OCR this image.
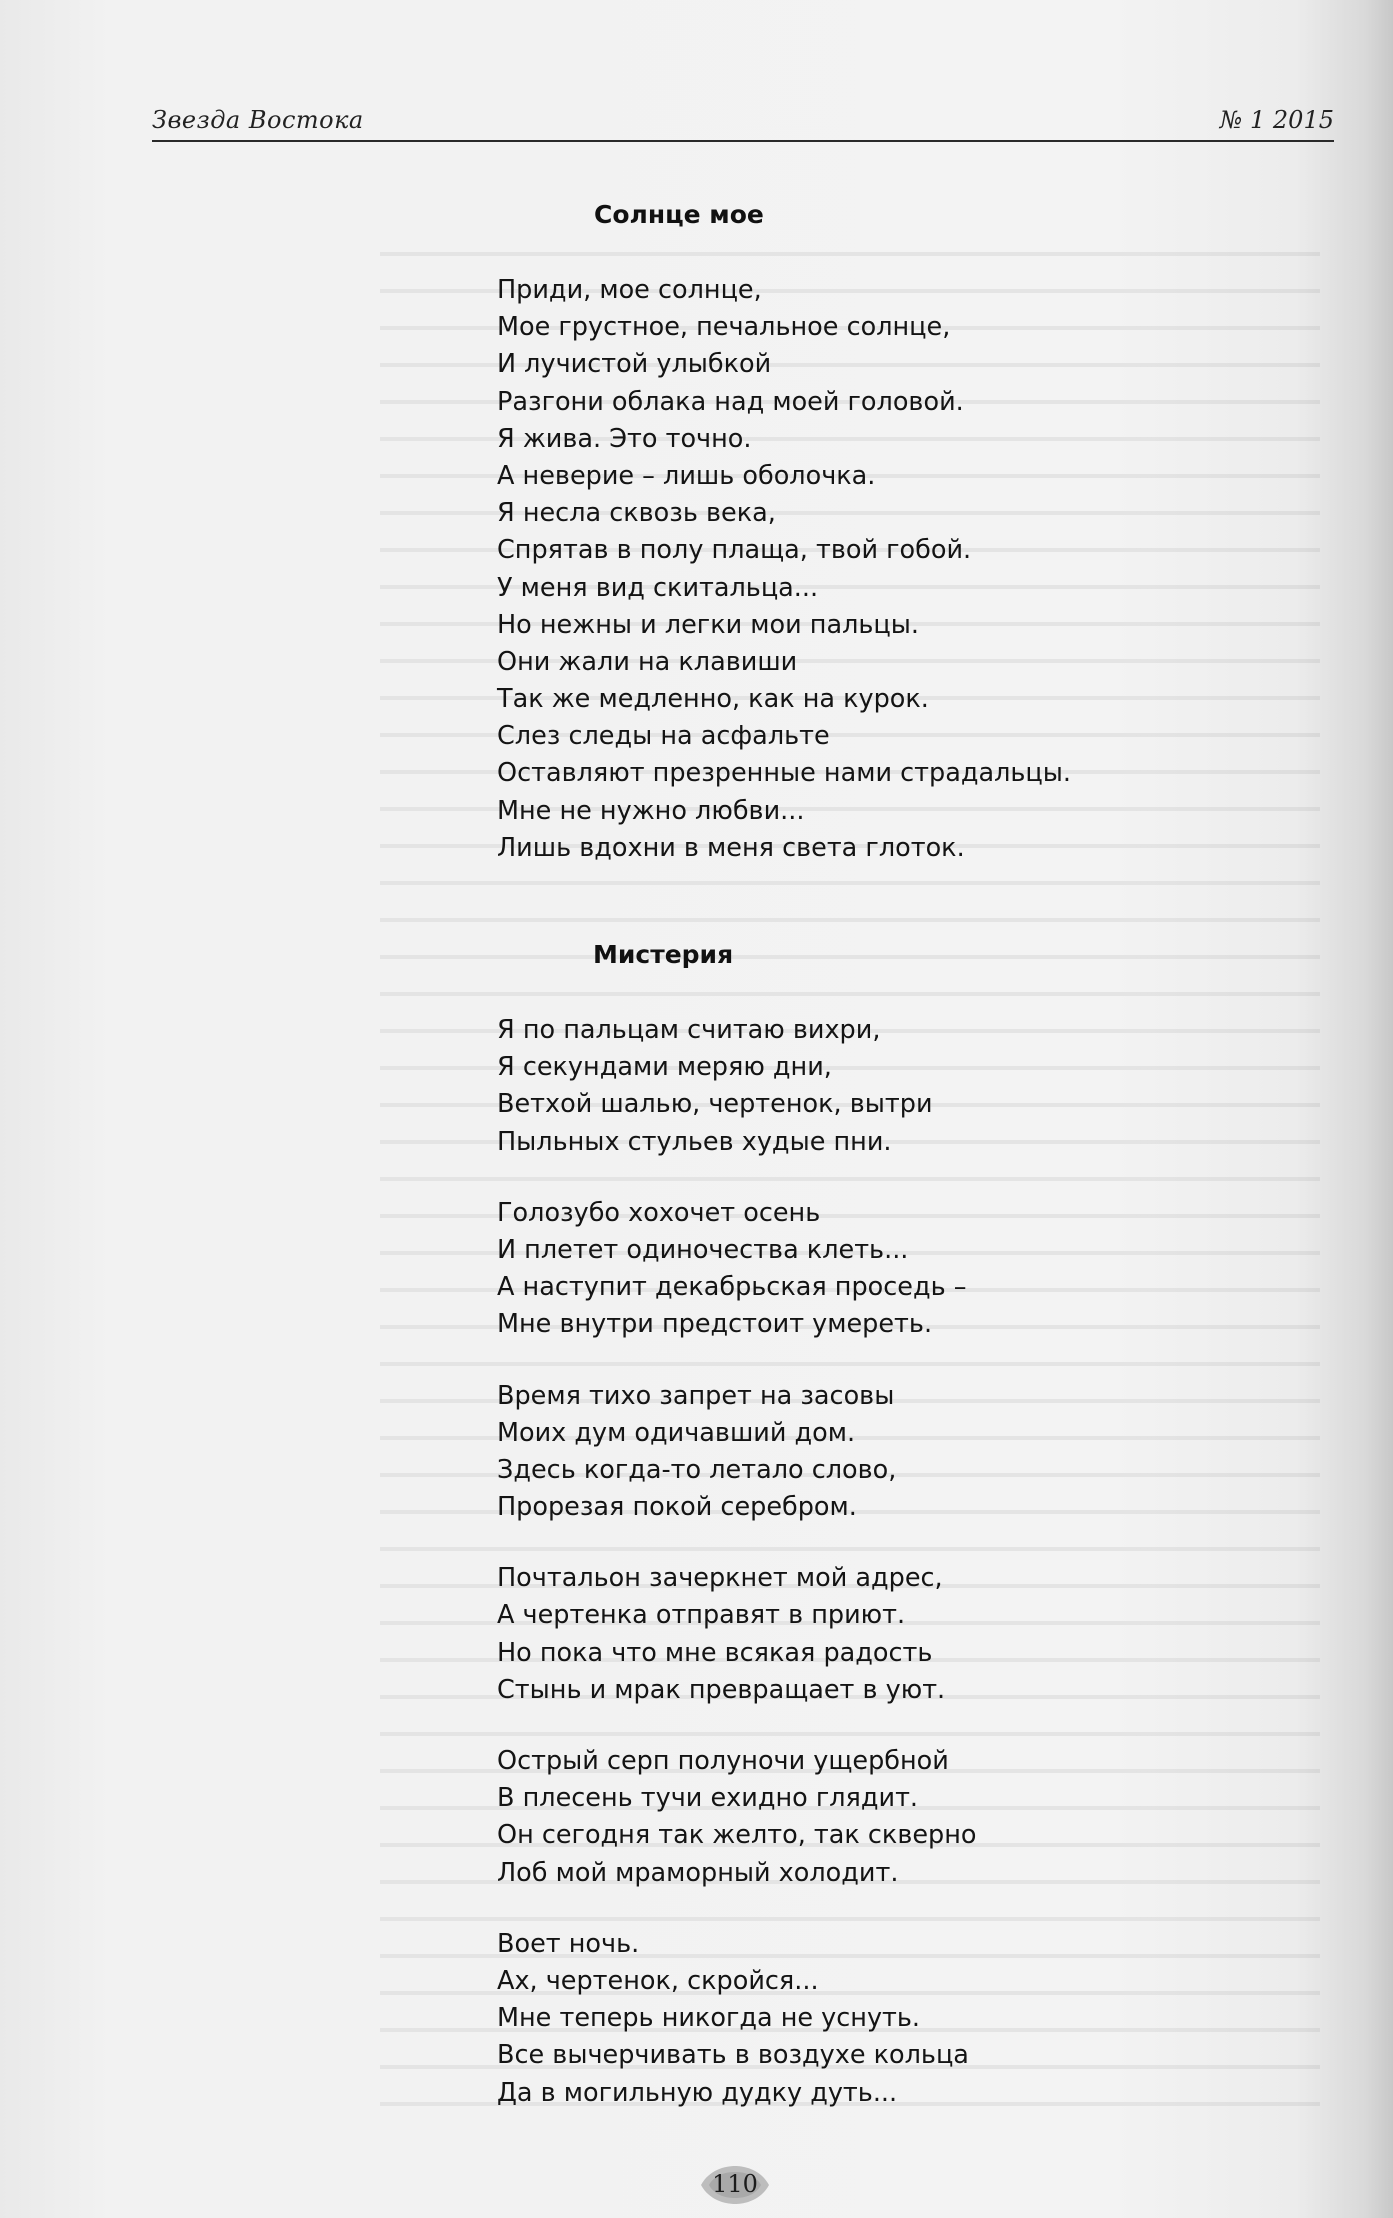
Звезда Востока	№ 1 2015
Солнце мое
Приди, мое солнце,
Мое грустное, печальное солнце,
И лучистой улыбкой
Разгони облака над моей головой.
Я жива. Это точно.
А неверие – лишь оболочка.
Я несла сквозь века,
Спрятав в полу плаща, твой гобой.
У меня вид скитальца...
Но нежны и легки мои пальцы.
Они жали на клавиши
Так же медленно, как на курок.
Слез следы на асфальте
Оставляют презренные нами страдальцы.
Мне не нужно любви...
Лишь вдохни в меня света глоток.
Мистерия
Я по пальцам считаю вихри,
Я секундами меряю дни,
Ветхой шалью, чертенок, вытри
Пыльных стульев худые пни.
Голозубо хохочет осень
И плетет одиночества клеть...
А наступит декабрьская проседь –
Мне внутри предстоит умереть.
Время тихо запрет на засовы
Моих дум одичавший дом.
Здесь когда-то летало слово,
Прорезая покой серебром.
Почтальон зачеркнет мой адрес,
А чертенка отправят в приют.
Но пока что мне всякая радость
Стынь и мрак превращает в уют.
Острый серп полуночи ущербной
В плесень тучи ехидно глядит.
Он сегодня так желто, так скверно
Лоб мой мраморный холодит.
Воет ночь.
Ах, чертенок, скройся...
Мне теперь никогда не уснуть.
Все вычерчивать в воздухе кольца
Да в могильную дудку дуть...
110
